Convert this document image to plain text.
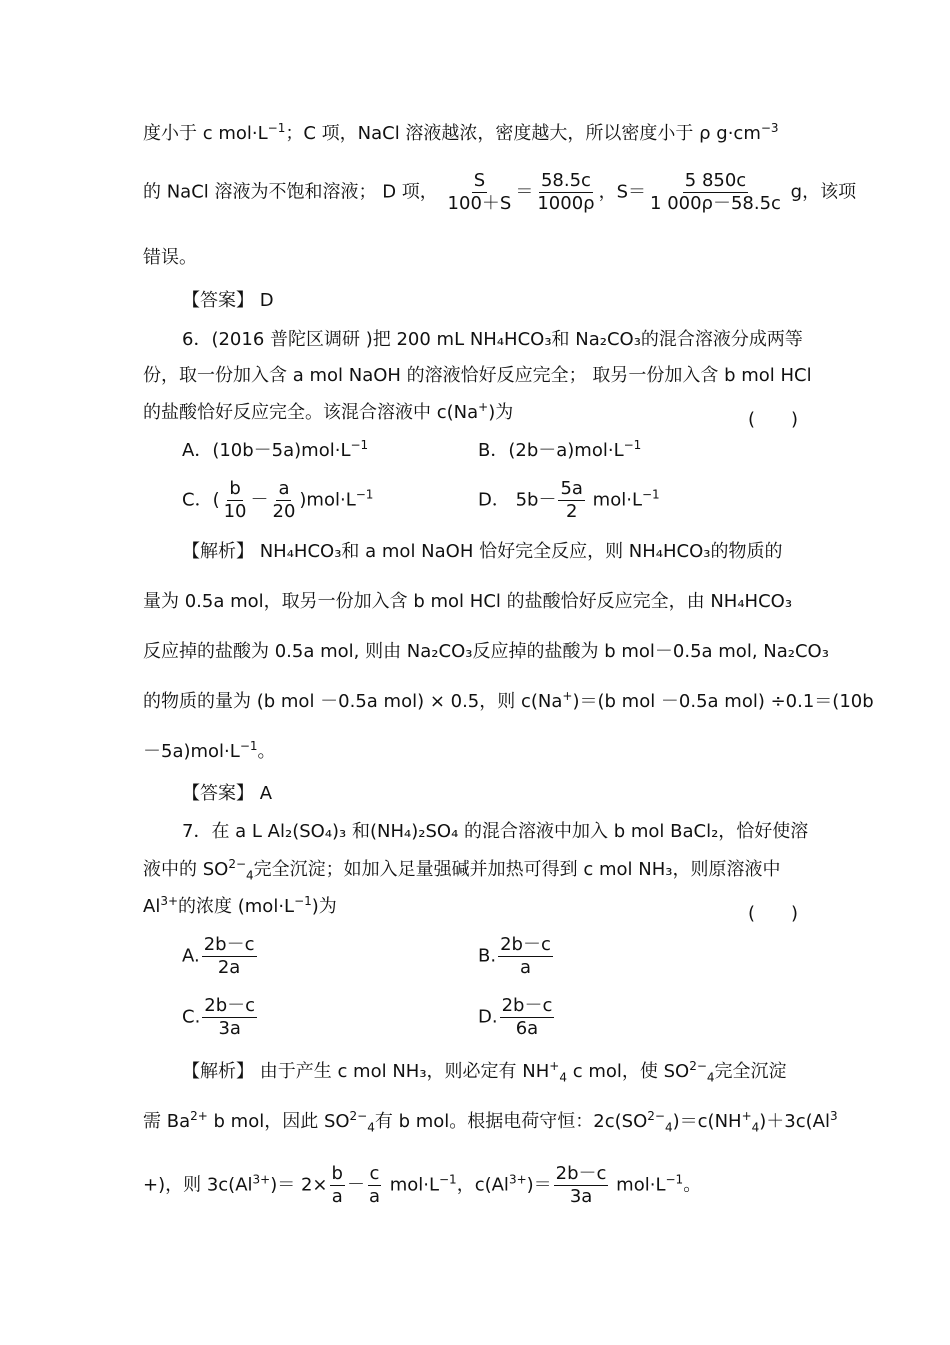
度小于 c $mol\cdot L^{-1}$；C 项，NaCl 溶液越浓，密度越大，所以密度小于 ρ $g\cdot cm^{-3}$
的 NaCl 溶液为不饱和溶液； D 项， $\frac{S}{100+S} = \frac{58.5c}{1000\rho}$ ，$S= \frac{5 850c}{1 000\rho-58.5c}$ g，该项
错误。
【答案】 D
6．(2016 普陀区调研 )把 200 mL NH₄HCO₃和 Na₂CO₃的混合溶液分成两等
份，取一份加入含 a mol NaOH 的溶液恰好反应完全； 取另一份加入含 b mol HCl
的盐酸恰好反应完全。该混合溶液中 c(Na+)为	(　　)
A．$(10b-5a)mol\cdot L^{-1}$	B．$(2b-a)mol\cdot L^{-1}$
C．( $\frac{b}{10} - \frac{a}{20} )mol\cdot L^{-1}$	D． $5b- \frac{5a}{2} mol\cdot L^{-1}$
【解析】 NH₄HCO₃和 a mol NaOH 恰好完全反应，则 NH₄HCO₃的物质的
量为 0.5a mol，取另一份加入含 b mol HCl 的盐酸恰好反应完全，由 NH₄HCO₃
反应掉的盐酸为 0.5a mol, 则由 Na₂CO₃反应掉的盐酸为 b mol－0.5a mol, Na₂CO₃
的物质的量为 (b mol －0.5a mol) × 0.5，则 c(Na+)＝(b mol －0.5a mol) ÷0.1＝(10b
$-5a)mol\cdot L^{-1}$。
【答案】 A
7．在 a L Al₂(SO₄)₃ 和(NH₄)₂SO₄ 的混合溶液中加入 b mol BaCl₂，恰好使溶
液中的 $SO^{2-}_4$完全沉淀；如加入足量强碱并加热可得到 c mol NH₃，则原溶液中
$Al^{3+}$的浓度 $(mol\cdot L^{-1})$为	(　　)
A. $\frac{2b-c}{2a}$	B. $\frac{2b-c}{a}$
C. $\frac{2b-c}{3a}$	D. $\frac{2b-c}{6a}$
【解析】 由于产生 c mol NH₃，则必定有 $NH^+_4$ c mol，使 $SO^{2-}_4$完全沉淀
需 $Ba^{2+}$ b mol，因此 $SO^{2-}_4$有 b mol。根据电荷守恒：$2c(SO^{2-}_4)=c(NH^+_4)+3c(Al^3$
+)，则 $3c(Al^{3+})= 2\times \frac{b}{a} - \frac{c}{a} mol\cdot L^{-1}$，$c(Al^{3+})= \frac{2b-c}{3a} mol\cdot L^{-1}$。
